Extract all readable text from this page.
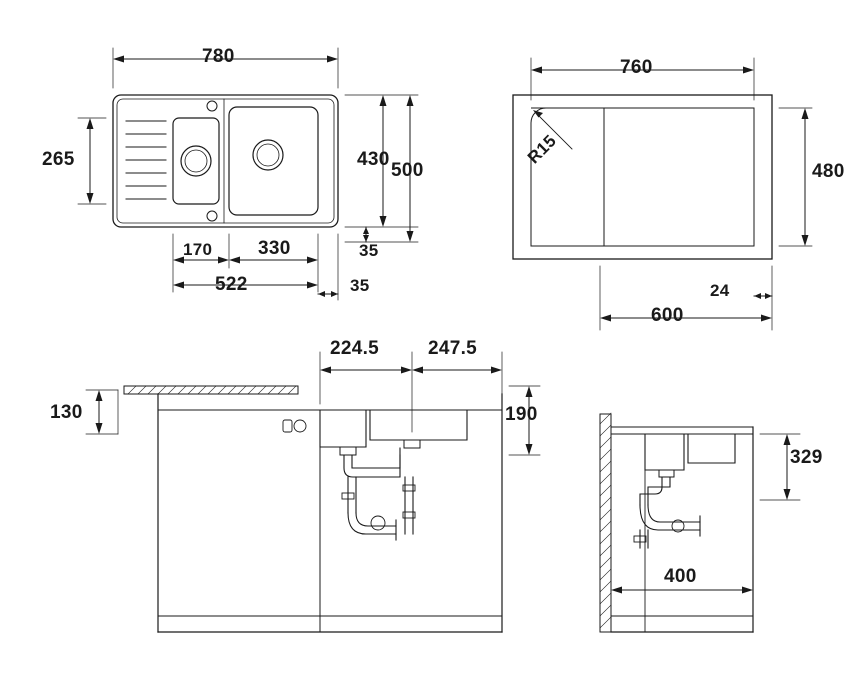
780
265
170 330
522
430
500
35
35
760
R15
480
600
24
130
224.5	247.5
190
329
400
